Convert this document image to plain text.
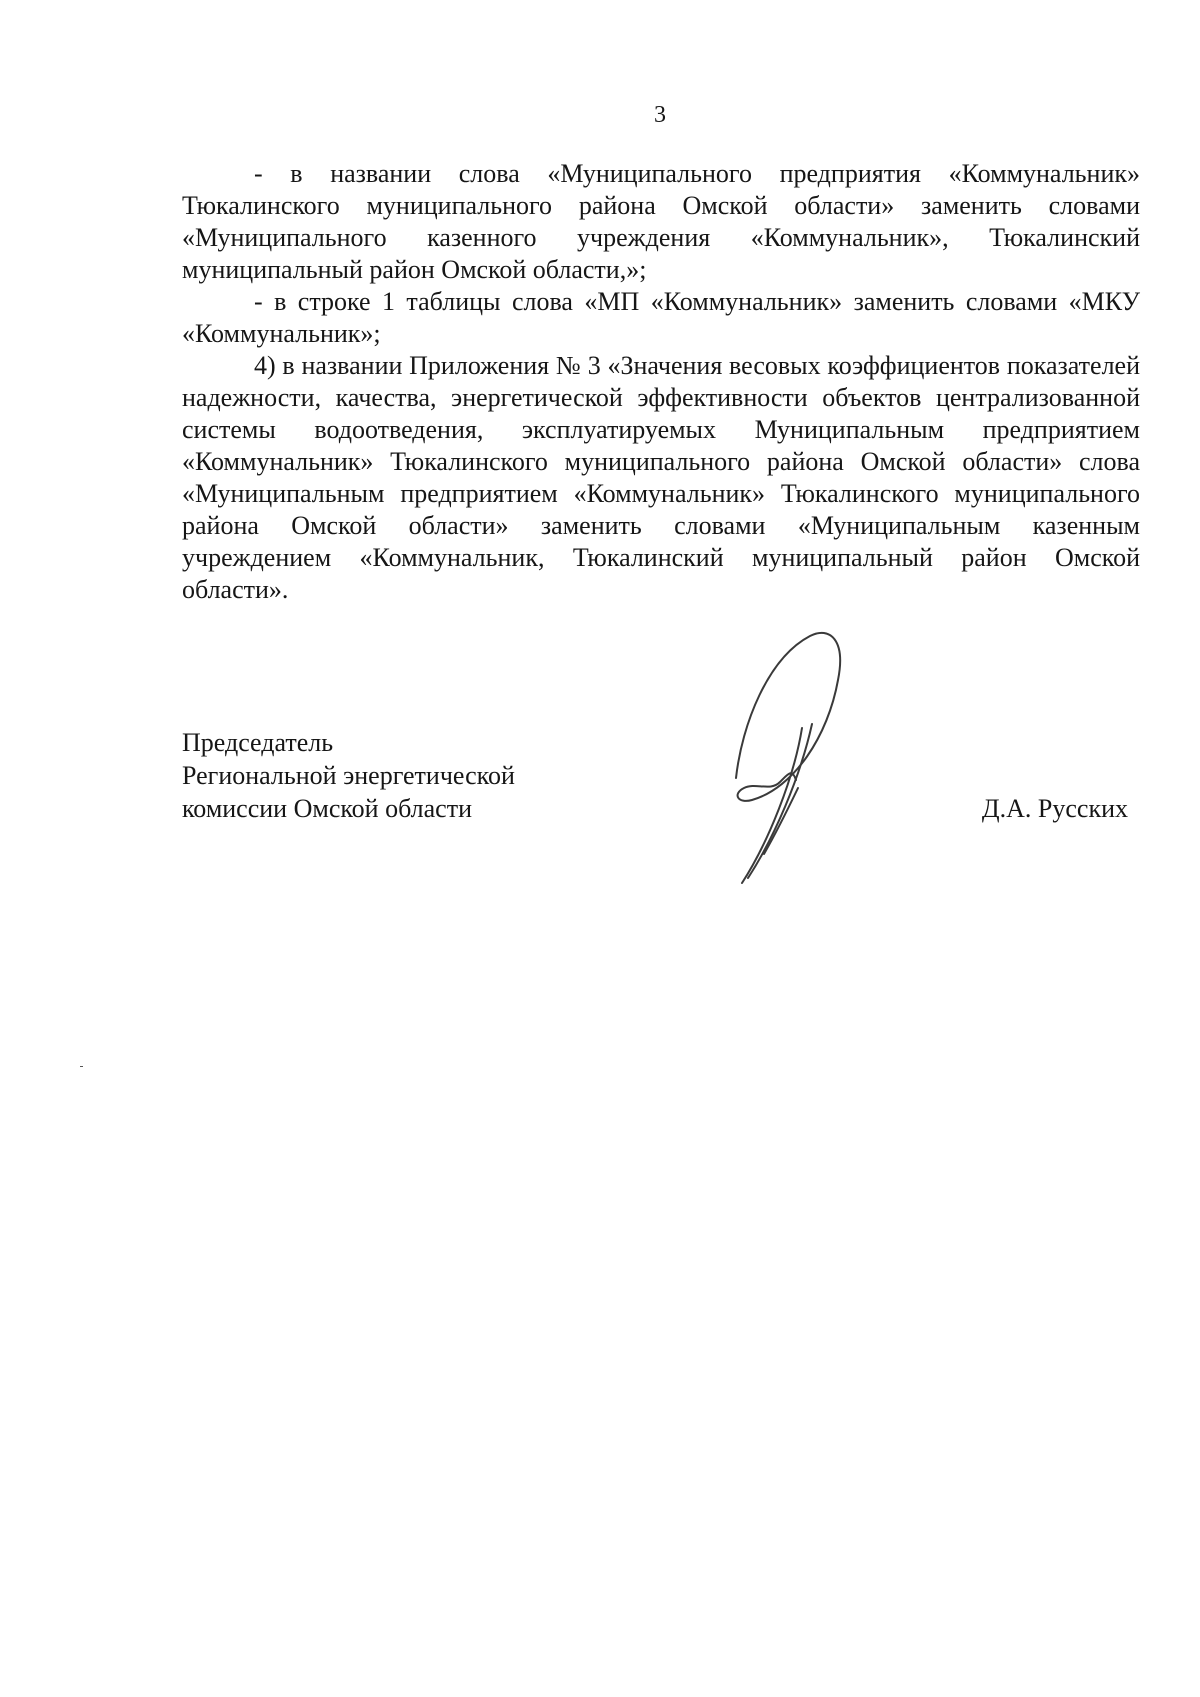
3

- в названии слова «Муниципального предприятия «Коммунальник» Тюкалинского муниципального района Омской области» заменить словами «Муниципального казенного учреждения «Коммунальник», Тюкалинский муниципальный район Омской области,»;

- в строке 1 таблицы слова «МП «Коммунальник» заменить словами «МКУ «Коммунальник»;

4) в названии Приложения № 3 «Значения весовых коэффициентов показателей надежности, качества, энергетической эффективности объектов централизованной системы водоотведения, эксплуатируемых Муниципальным предприятием «Коммунальник» Тюкалинского муниципального района Омской области» слова «Муниципальным предприятием «Коммунальник» Тюкалинского муниципального района Омской области» заменить словами «Муниципальным казенным учреждением «Коммунальник, Тюкалинский муниципальный район Омской области».

Председатель
Региональной энергетической
комиссии Омской области	Д.А. Русских
